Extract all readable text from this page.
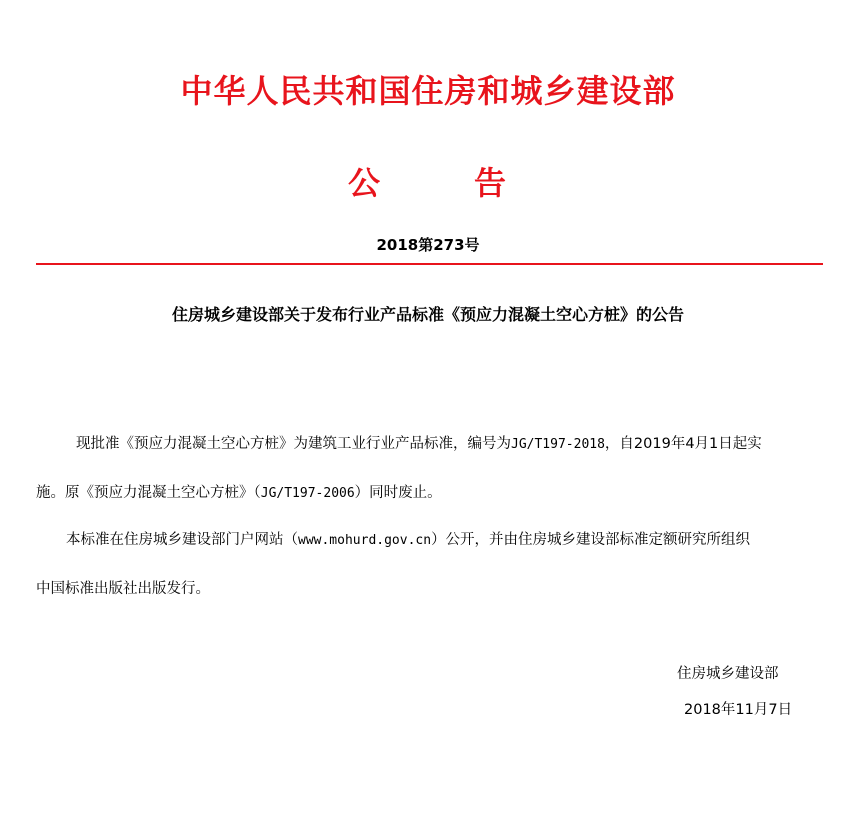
中华人民共和国住房和城乡建设部
公	告
2018第273号
住房城乡建设部关于发布行业产品标准《预应力混凝土空心方桩》的公告
现批准《预应力混凝土空心方桩》为建筑工业行业产品标准，编号为JG/T197-2018，自2019年4月1日起实
施。原《预应力混凝土空心方桩》（JG/T197-2006）同时废止。
本标准在住房城乡建设部门户网站（www.mohurd.gov.cn）公开，并由住房城乡建设部标准定额研究所组织
中国标准出版社出版发行。
住房城乡建设部
2018年11月7日
